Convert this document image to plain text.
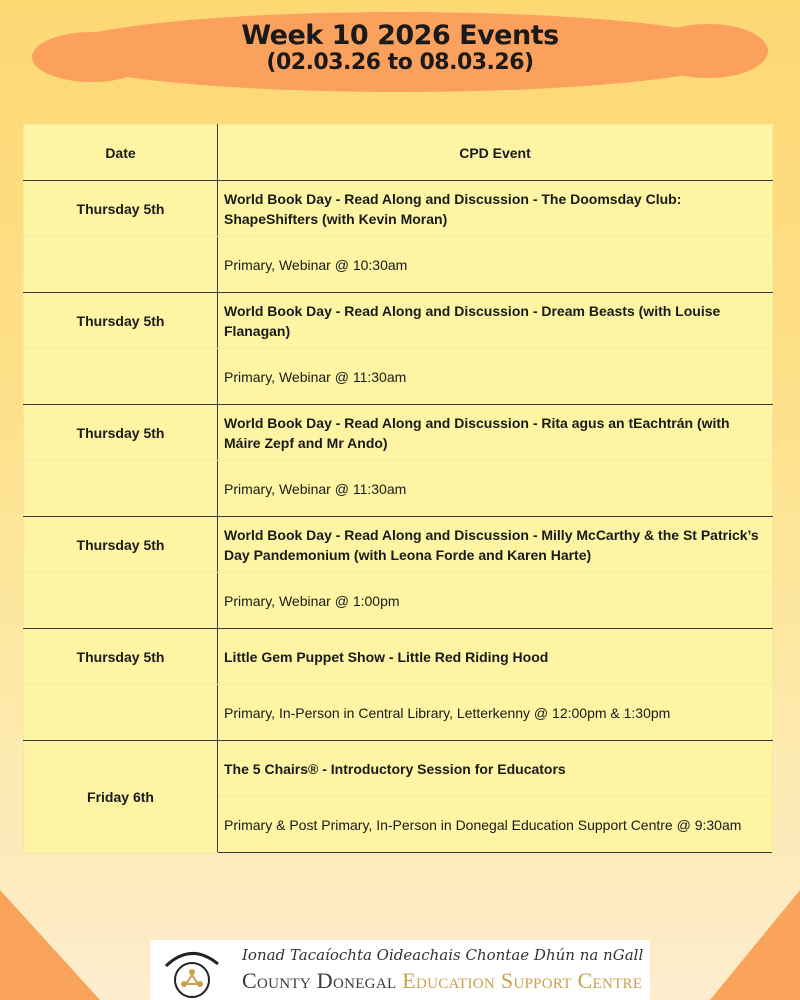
Week 10 2026 Events
(02.03.26 to 08.03.26)
Date	CPD Event
Thursday 5th	World Book Day - Read Along and Discussion - The Doomsday Club: ShapeShifters (with Kevin Moran)
	Primary, Webinar @ 10:30am
Thursday 5th	World Book Day - Read Along and Discussion - Dream Beasts (with Louise Flanagan)
	Primary, Webinar @ 11:30am
Thursday 5th	World Book Day - Read Along and Discussion - Rita agus an tEachtrán (with Máire Zepf and Mr Ando)
	Primary, Webinar @ 11:30am
Thursday 5th	World Book Day - Read Along and Discussion - Milly McCarthy & the St Patrick’s Day Pandemonium (with Leona Forde and Karen Harte)
	Primary, Webinar @ 1:00pm
Thursday 5th	Little Gem Puppet Show - Little Red Riding Hood
	Primary, In-Person in Central Library, Letterkenny @ 12:00pm & 1:30pm
Friday 6th	The 5 Chairs® - Introductory Session for Educators
	Primary & Post Primary, In-Person in Donegal Education Support Centre @ 9:30am
Ionad Tacaíochta Oideachais Chontae Dhún na nGall
County Donegal Education Support Centre
